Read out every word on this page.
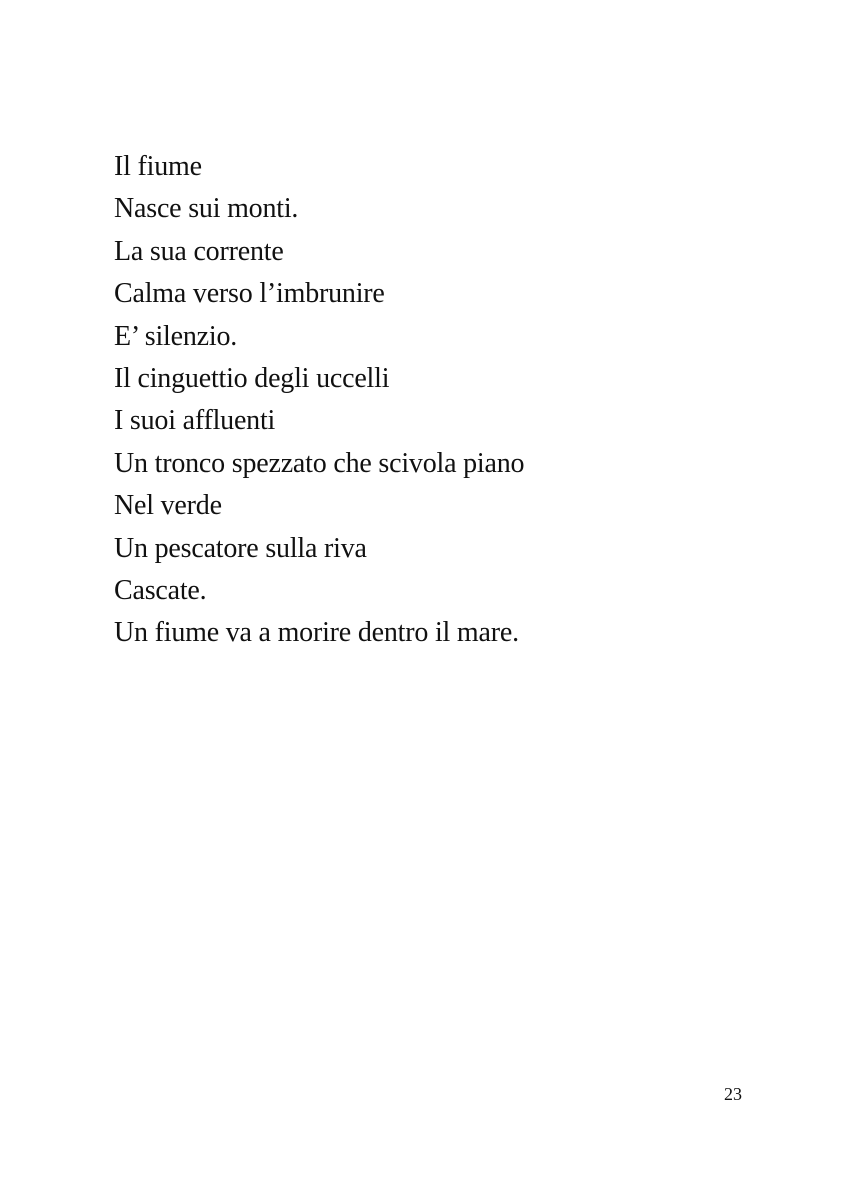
Il fiume
Nasce sui monti.
La sua corrente
Calma verso l’imbrunire
E’ silenzio.
Il cinguettio degli uccelli
I suoi affluenti
Un tronco spezzato che scivola piano
Nel verde
Un pescatore sulla riva
Cascate.
Un fiume va a morire dentro il mare.
23
